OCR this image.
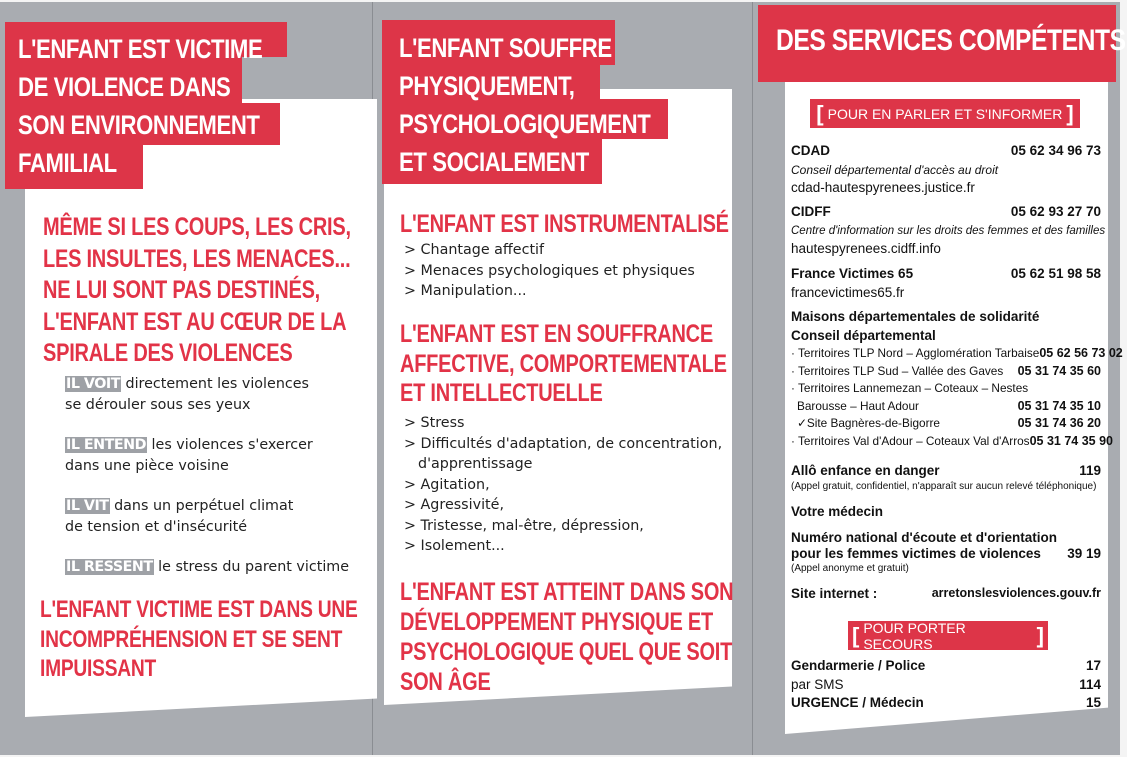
L'ENFANT EST VICTIME
DE VIOLENCE DANS
SON ENVIRONNEMENT
FAMILIAL
MÊME SI LES COUPS, LES CRIS,
LES INSULTES, LES MENACES...
NE LUI SONT PAS DESTINÉS,
L'ENFANT EST AU CŒUR DE LA
SPIRALE DES VIOLENCES
IL VOIT directement les violences
se dérouler sous ses yeux
IL ENTEND les violences s'exercer
dans une pièce voisine
IL VIT dans un perpétuel climat
de tension et d'insécurité
IL RESSENT le stress du parent victime
L'ENFANT VICTIME EST DANS UNE
INCOMPRÉHENSION ET SE SENT
IMPUISSANT
L'ENFANT SOUFFRE
PHYSIQUEMENT,
PSYCHOLOGIQUEMENT
ET SOCIALEMENT
L'ENFANT EST INSTRUMENTALISÉ
> Chantage affectif
> Menaces psychologiques et physiques
> Manipulation...
L'ENFANT EST EN SOUFFRANCE
AFFECTIVE, COMPORTEMENTALE
ET INTELLECTUELLE
> Stress
> Difficultés d'adaptation, de concentration,
d'apprentissage
> Agitation,
> Agressivité,
> Tristesse, mal-être, dépression,
> Isolement...
L'ENFANT EST ATTEINT DANS SON
DÉVELOPPEMENT PHYSIQUE ET
PSYCHOLOGIQUE QUEL QUE SOIT
SON ÂGE
DES SERVICES COMPÉTENTS
[ POUR EN PARLER ET S'INFORMER ]
CDAD	05 62 34 96 73
Conseil départemental d'accès au droit
cdad-hautespyrenees.justice.fr
CIDFF	05 62 93 27 70
Centre d'information sur les droits des femmes et des familles
hautespyrenees.cidff.info
France Victimes 65	05 62 51 98 58
francevictimes65.fr
Maisons départementales de solidarité
Conseil départemental
· Territoires TLP Nord – Agglomération Tarbaise 05 62 56 73 02
· Territoires TLP Sud – Vallée des Gaves 05 31 74 35 60
· Territoires Lannemezan – Coteaux – Nestes
Barousse – Haut Adour	05 31 74 35 10
✓Site Bagnères-de-Bigorre	05 31 74 36 20
· Territoires Val d'Adour – Coteaux Val d'Arros 05 31 74 35 90
Allô enfance en danger	119
(Appel gratuit, confidentiel, n'apparaît sur aucun relevé téléphonique)
Votre médecin
Numéro national d'écoute et d'orientation
pour les femmes victimes de violences 39 19
(Appel anonyme et gratuit)
Site internet :	arretonslesviolences.gouv.fr
[ POUR PORTER SECOURS	]
Gendarmerie / Police	17
par SMS	114
URGENCE / Médecin	15
